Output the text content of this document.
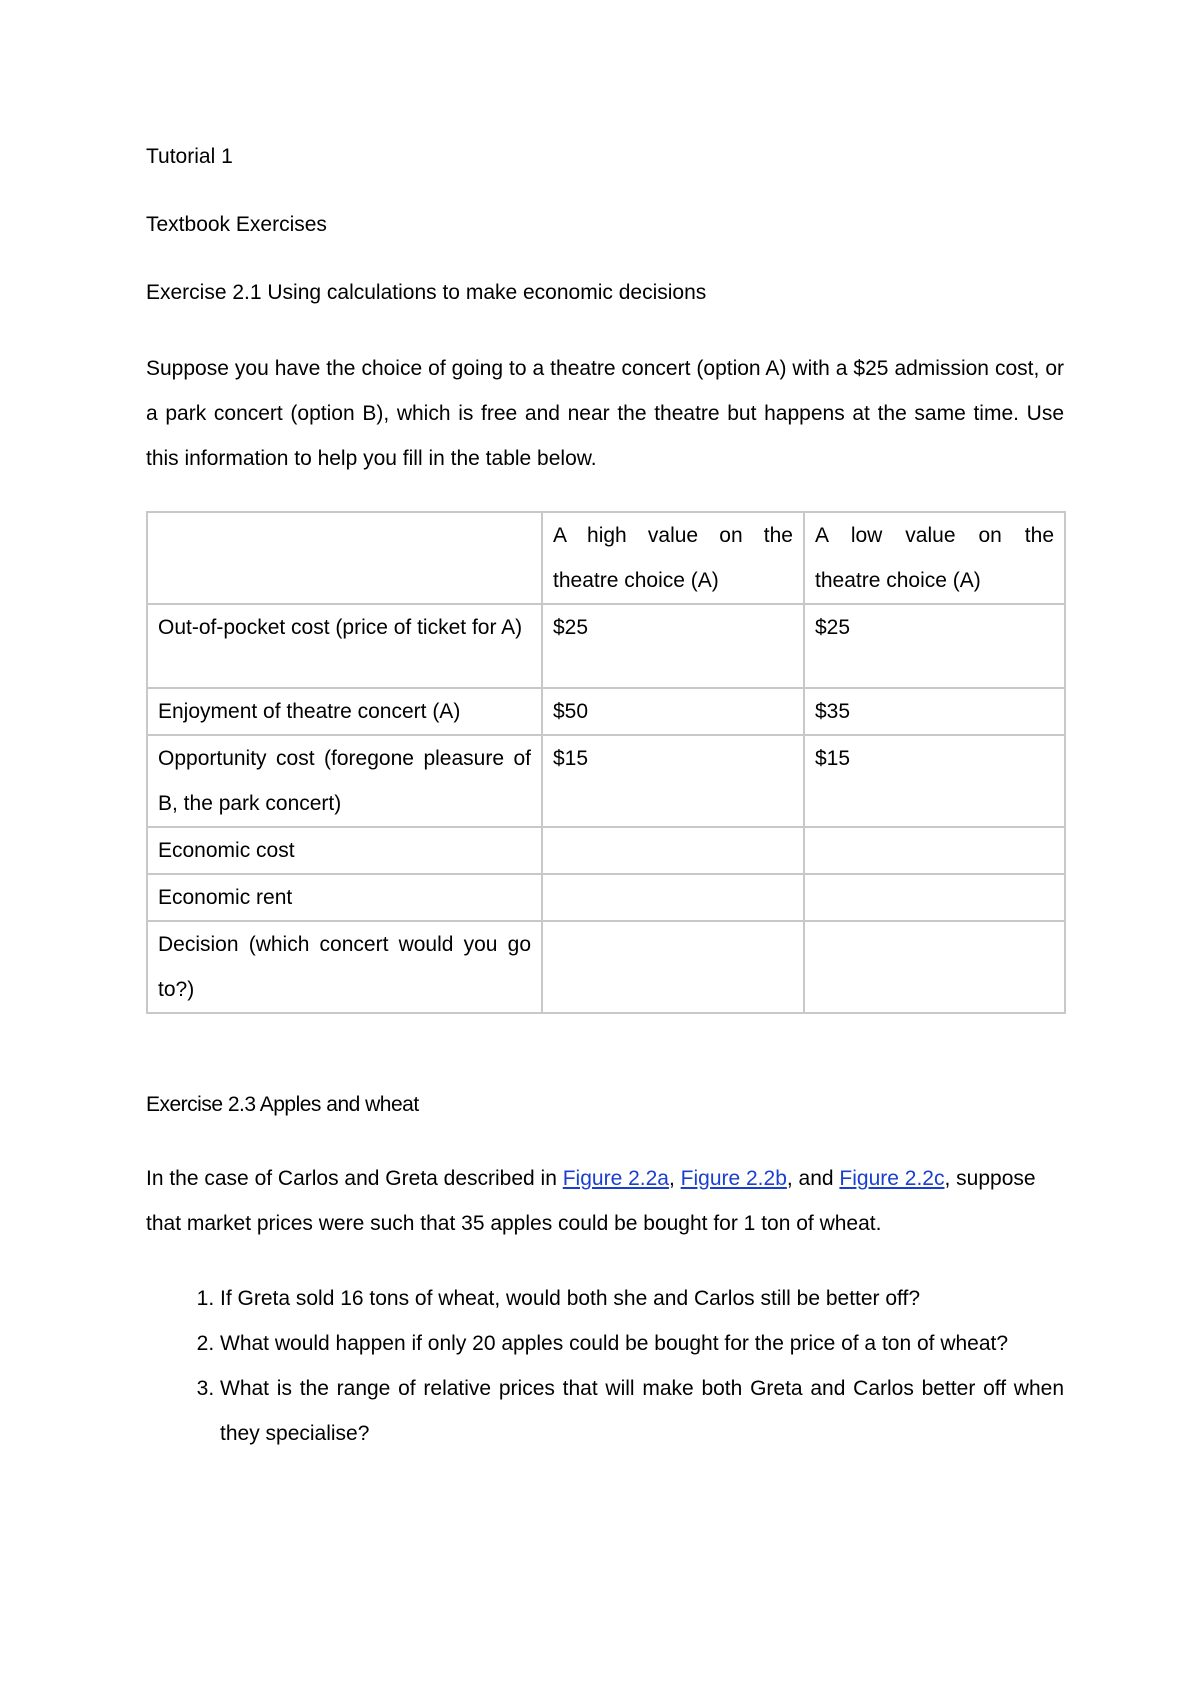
Tutorial 1
Textbook Exercises
Exercise 2.1 Using calculations to make economic decisions

Suppose you have the choice of going to a theatre concert (option A) with a $25 admission cost, or a park concert (option B), which is free and near the theatre but happens at the same time. Use this information to help you fill in the table below.

	A high value on the theatre choice (A)	A low value on the theatre choice (A)
Out-of-pocket cost (price of ticket for A)	$25	$25
Enjoyment of theatre concert (A)	$50	$35
Opportunity cost (foregone pleasure of B, the park concert)	$15	$15
Economic cost		
Economic rent		
Decision (which concert would you go to?)		
Exercise 2.3 Apples and wheat

In the case of Carlos and Greta described in Figure 2.2a, Figure 2.2b, and Figure 2.2c, suppose that market prices were such that 35 apples could be bought for 1 ton of wheat.

1. If Greta sold 16 tons of wheat, would both she and Carlos still be better off?
2. What would happen if only 20 apples could be bought for the price of a ton of wheat?
3. What is the range of relative prices that will make both Greta and Carlos better off when they specialise?
